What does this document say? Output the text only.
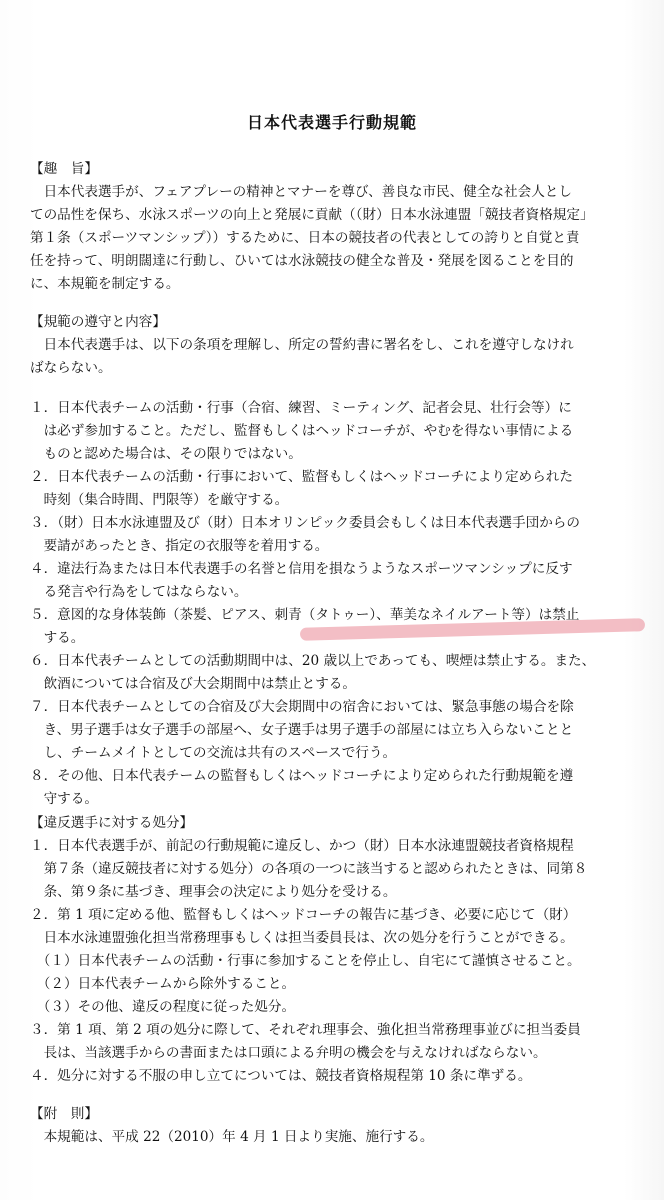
日本代表選手行動規範
【趣　旨】
　日本代表選手が、フェアプレーの精神とマナーを尊び、善良な市民、健全な社会人とし
ての品性を保ち、水泳スポーツの向上と発展に貢献（（財）日本水泳連盟「競技者資格規定」
第１条（スポーツマンシップ））するために、日本の競技者の代表としての誇りと自覚と責
任を持って、明朗闊達に行動し、ひいては水泳競技の健全な普及・発展を図ることを目的
に、本規範を制定する。
【規範の遵守と内容】
　日本代表選手は、以下の条項を理解し、所定の誓約書に署名をし、これを遵守しなけれ
ばならない。
１．日本代表チームの活動・行事（合宿、練習、ミーティング、記者会見、壮行会等）に
　は必ず参加すること。ただし、監督もしくはヘッドコーチが、やむを得ない事情による
　ものと認めた場合は、その限りではない。
２．日本代表チームの活動・行事において、監督もしくはヘッドコーチにより定められた
　時刻（集合時間、門限等）を厳守する。
３．（財）日本水泳連盟及び（財）日本オリンピック委員会もしくは日本代表選手団からの
　要請があったとき、指定の衣服等を着用する。
４．違法行為または日本代表選手の名誉と信用を損なうようなスポーツマンシップに反す
　る発言や行為をしてはならない。
５．意図的な身体装飾（茶髪、ピアス、刺青（タトゥー）、華美なネイルアート等）は禁止
　する。
６．日本代表チームとしての活動期間中は、20 歳以上であっても、喫煙は禁止する。また、
　飲酒については合宿及び大会期間中は禁止とする。
７．日本代表チームとしての合宿及び大会期間中の宿舎においては、緊急事態の場合を除
　き、男子選手は女子選手の部屋へ、女子選手は男子選手の部屋には立ち入らないことと
　し、チームメイトとしての交流は共有のスペースで行う。
８．その他、日本代表チームの監督もしくはヘッドコーチにより定められた行動規範を遵
　守する。
【違反選手に対する処分】
１．日本代表選手が、前記の行動規範に違反し、かつ（財）日本水泳連盟競技者資格規程
　第７条（違反競技者に対する処分）の各項の一つに該当すると認められたときは、同第８
　条、第９条に基づき、理事会の決定により処分を受ける。
２．第 1 項に定める他、監督もしくはヘッドコーチの報告に基づき、必要に応じて（財）
　日本水泳連盟強化担当常務理事もしくは担当委員長は、次の処分を行うことができる。
　（１）日本代表チームの活動・行事に参加することを停止し、自宅にて謹慎させること。
　（２）日本代表チームから除外すること。
　（３）その他、違反の程度に従った処分。
３．第 1 項、第 2 項の処分に際して、それぞれ理事会、強化担当常務理事並びに担当委員
　長は、当該選手からの書面または口頭による弁明の機会を与えなければならない。
４．処分に対する不服の申し立てについては、競技者資格規程第 10 条に準ずる。
【附　則】
　本規範は、平成 22（2010）年 4 月 1 日より実施、施行する。
